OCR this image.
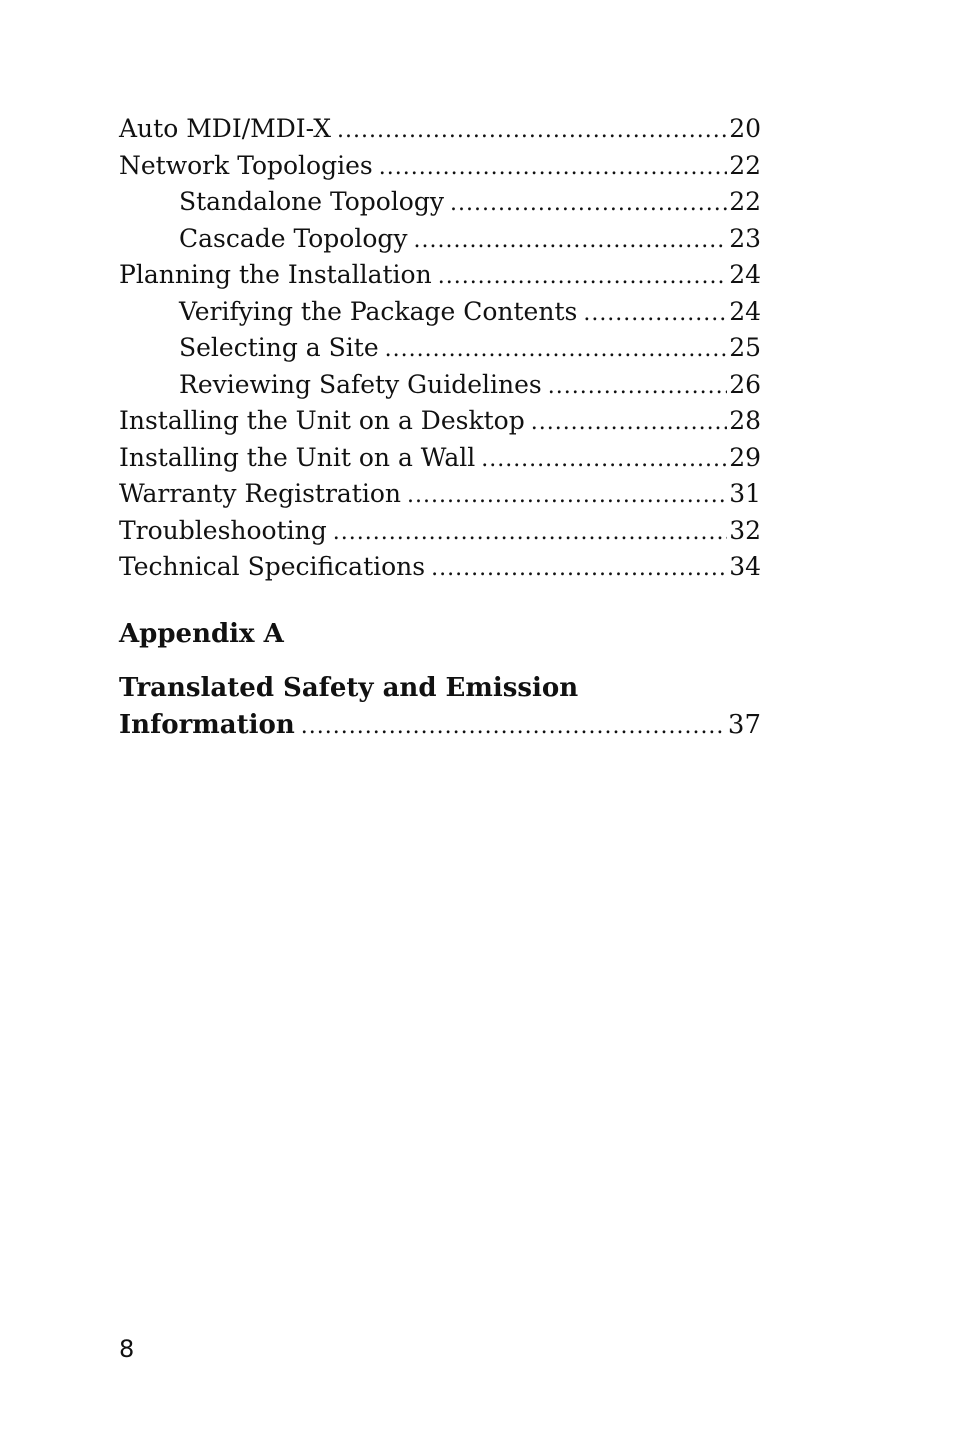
Auto MDI/MDI-X .....	20
Network Topologies .....	22
Standalone Topology .....	22
Cascade Topology .....	23
Planning the Installation .....	24
Verifying the Package Contents .....	24
Selecting a Site .....	25
Reviewing Safety Guidelines .....	26
Installing the Unit on a Desktop .....	28
Installing the Unit on a Wall .....	29
Warranty Registration .....	31
Troubleshooting .....	32
Technical Specifications .....	34
Appendix A
Translated Safety and Emission
Information .....	37
8
